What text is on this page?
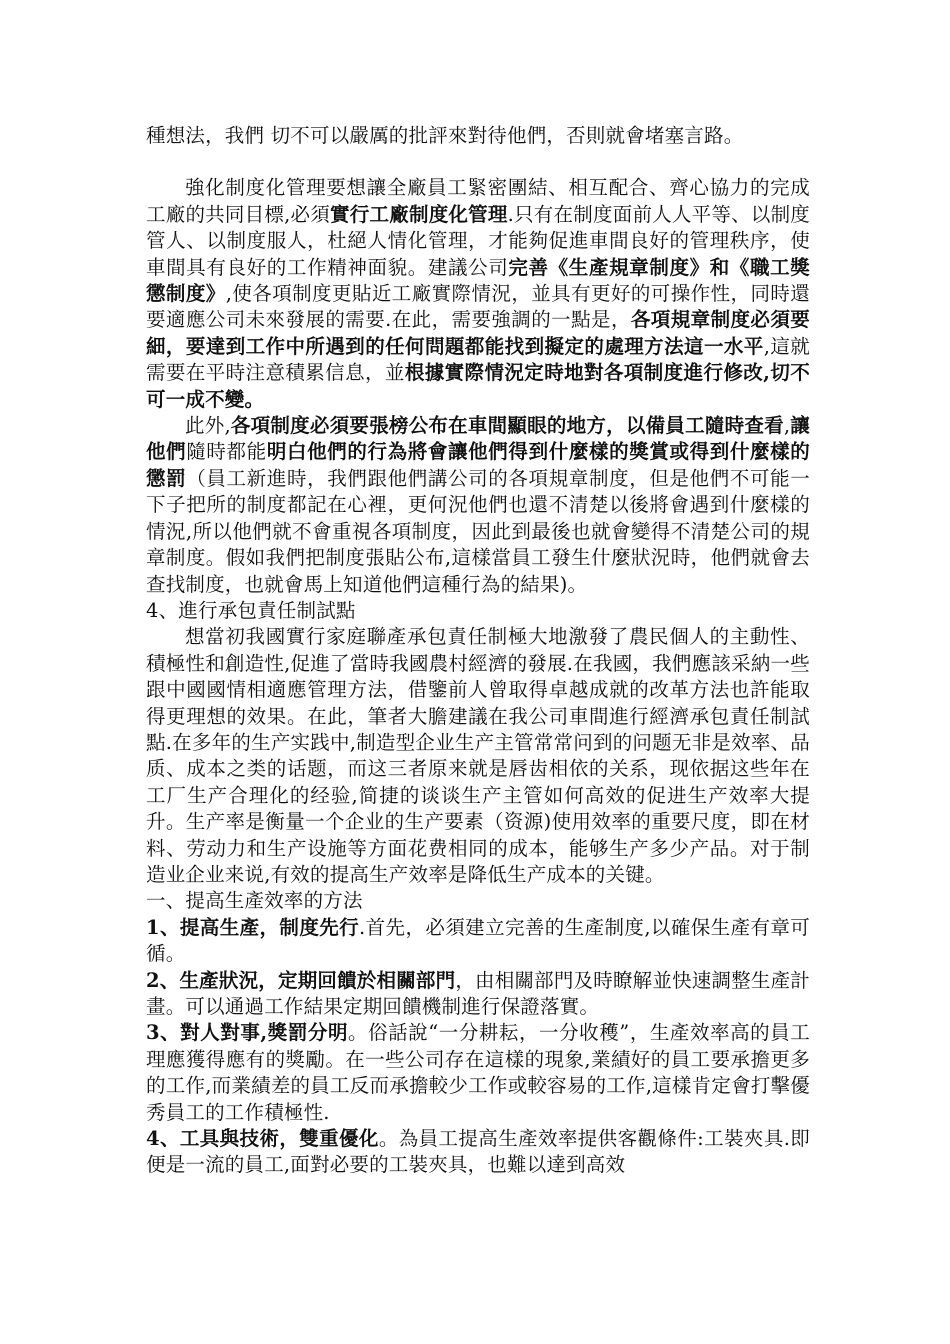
種想法，我們 切不可以嚴厲的批評來對待他們，否則就會堵塞言路。

強化制度化管理要想讓全廠員工緊密團結、相互配合、齊心協力的完成工廠的共同目標,必須實行工廠制度化管理.只有在制度面前人人平等、以制度管人、以制度服人，杜絕人情化管理，才能夠促進車間良好的管理秩序，使車間具有良好的工作精神面貌。建議公司完善《生產規章制度》和《職工獎懲制度》,使各項制度更貼近工廠實際情況，並具有更好的可操作性，同時還要適應公司未來發展的需要.在此，需要強調的一點是，各項規章制度必須要細，要達到工作中所遇到的任何問題都能找到擬定的處理方法這一水平,這就需要在平時注意積累信息，並根據實際情況定時地對各項制度進行修改,切不可一成不變。

此外,各項制度必須要張榜公布在車間顯眼的地方，以備員工隨時查看,讓他們隨時都能明白他們的行為將會讓他們得到什麼樣的獎賞或得到什麼樣的懲罰（員工新進時，我們跟他們講公司的各項規章制度，但是他們不可能一下子把所的制度都記在心裡，更何況他們也還不清楚以後將會遇到什麼樣的情況,所以他們就不會重視各項制度，因此到最後也就會變得不清楚公司的規章制度。假如我們把制度張貼公布,這樣當員工發生什麼狀況時，他們就會去查找制度，也就會馬上知道他們這種行為的結果)。

4、進行承包責任制試點

想當初我國實行家庭聯產承包責任制極大地激發了農民個人的主動性、積極性和創造性,促進了當時我國農村經濟的發展.在我國，我們應該采納一些跟中國國情相適應管理方法，借鑒前人曾取得卓越成就的改革方法也許能取得更理想的效果。在此，筆者大膽建議在我公司車間進行經濟承包責任制試點.在多年的生产实践中,制造型企业生产主管常常问到的问题无非是效率、品质、成本之类的话题，而这三者原来就是唇齿相依的关系，现依据这些年在工厂生产合理化的经验,简捷的谈谈生产主管如何高效的促进生产效率大提升。生产率是衡量一个企业的生产要素（资源)使用效率的重要尺度，即在材料、劳动力和生产设施等方面花费相同的成本，能够生产多少产品。对于制造业企业来说,有效的提高生产效率是降低生产成本的关键。

一、提高生產效率的方法

1、提高生產，制度先行.首先，必須建立完善的生產制度,以確保生產有章可循。

2、生產狀況，定期回饋於相關部門，由相關部門及時瞭解並快速調整生產計畫。可以通過工作結果定期回饋機制進行保證落實。

3、對人對事,獎罰分明。俗話說“一分耕耘，一分收穫”，生產效率高的員工理應獲得應有的獎勵。在一些公司存在這樣的現象,業績好的員工要承擔更多的工作,而業績差的員工反而承擔較少工作或較容易的工作,這樣肯定會打擊優秀員工的工作積極性.

4、工具與技術，雙重優化。為員工提高生產效率提供客觀條件:工裝夾具.即便是一流的員工,面對必要的工裝夾具，也難以達到高效
